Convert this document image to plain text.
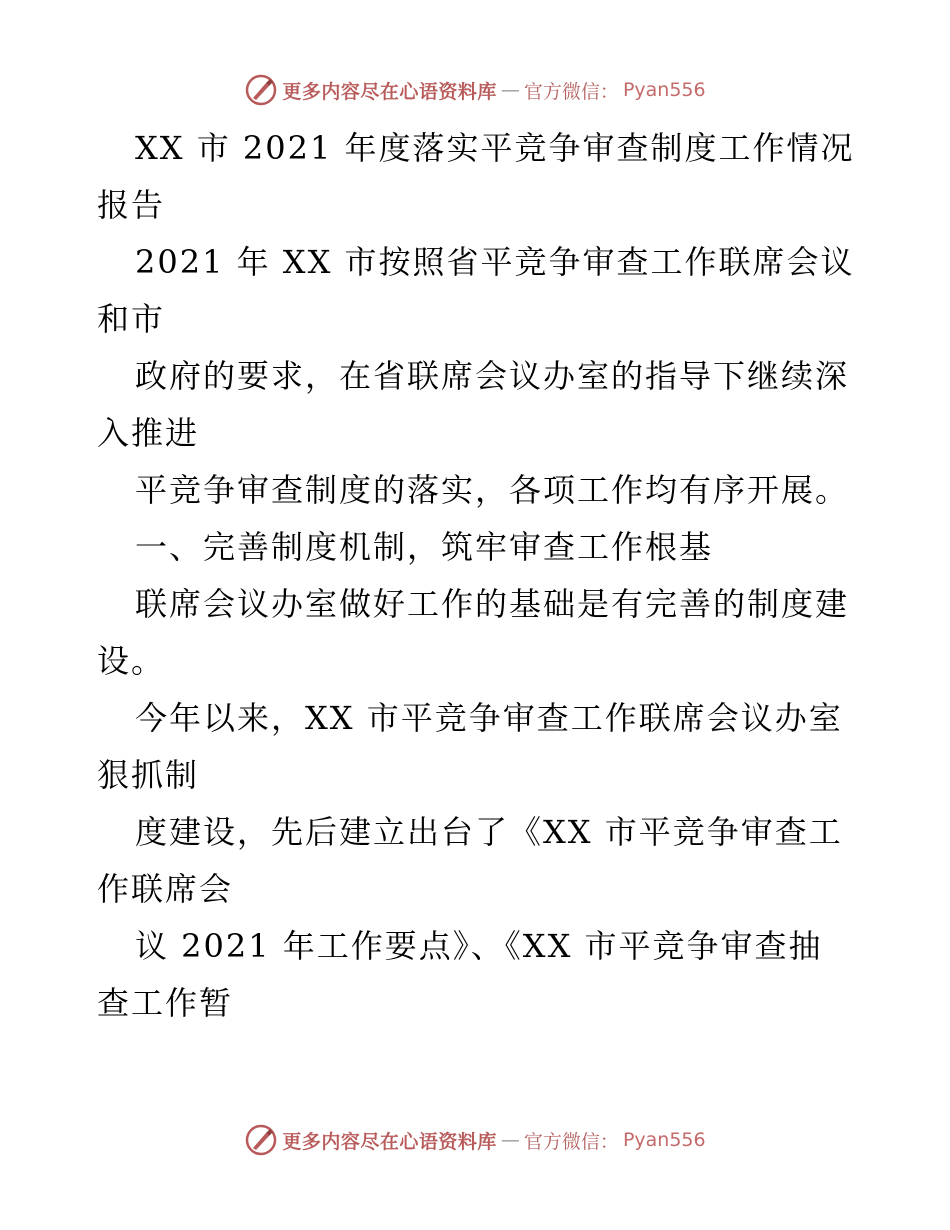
更多内容尽在心语资料库 — 官方微信： Pyan556
XX 市 2021 年度落实平竞争审查制度工作情况
报告
2021 年 XX 市按照省平竞争审查工作联席会议
和市
政府的要求，在省联席会议办室的指导下继续深
入推进
平竞争审查制度的落实，各项工作均有序开展。
一、完善制度机制，筑牢审查工作根基
联席会议办室做好工作的基础是有完善的制度建
设。
今年以来，XX 市平竞争审查工作联席会议办室
狠抓制
度建设，先后建立出台了《XX 市平竞争审查工
作联席会
议 2021 年工作要点》、《XX 市平竞争审查抽
查工作暂
更多内容尽在心语资料库 — 官方微信： Pyan556
